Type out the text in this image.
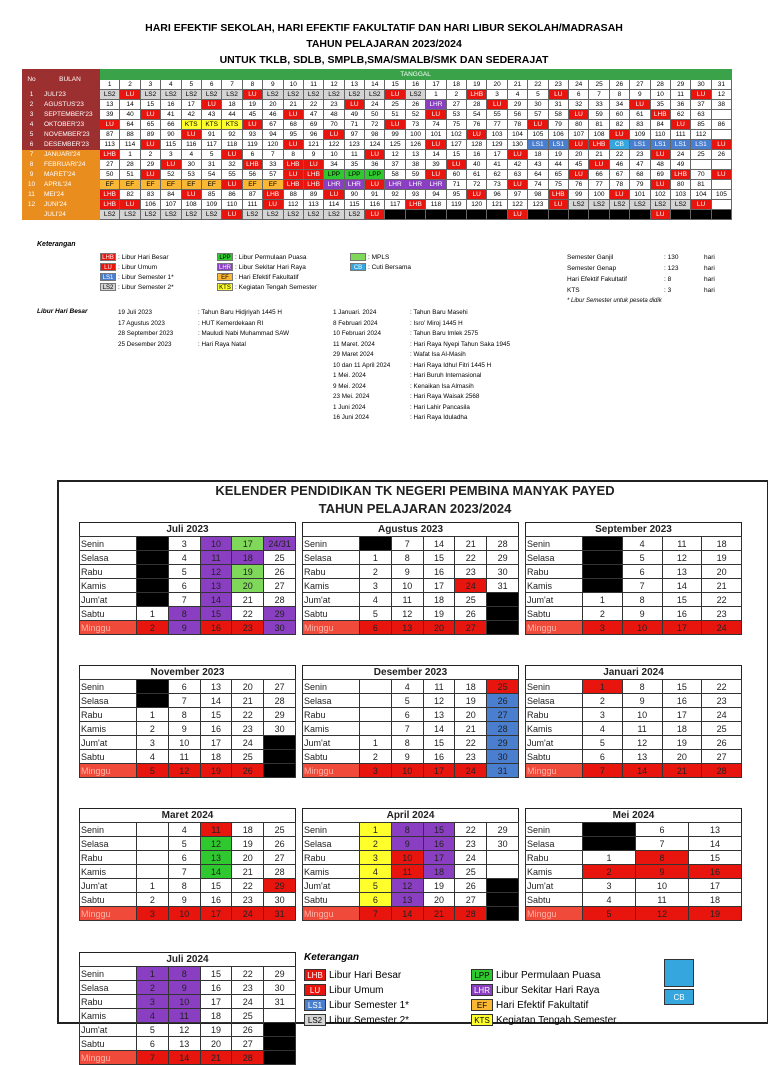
HARI EFEKTIF SEKOLAH, HARI EFEKTIF FAKULTATIF DAN HARI LIBUR SEKOLAH/MADRASAH
TAHUN PELAJARAN 2023/2024
UNTUK TKLB, SDLB, SMPLB,SMA/SMALB/SMK DAN SEDERAJAT
No	BULAN	TANGGAL																														
		1	2	3	4	5	6	7	8	9	10	11	12	13	14	15	16	17	18	19	20	21	22	23	24	25	26	27	28	29	30	31
1	JULI'23	LS2	LU	LS2	LS2	LS2	LS2	LS2	LU	LS2	LS2	LS2	LS2	LS2	LS2	LU	LS2	1	2	LHB	3	4	5	LU	6	7	8	9	10	11	LU	12
2	AGUSTUS'23	13	14	15	16	17	LU	18	19	20	21	22	23	LU	24	25	26	LHR	27	28	LU	29	30	31	32	33	34	LU	35	36	37	38
3	SEPTEMBER'23	39	40	LU	41	42	43	44	45	46	LU	47	48	49	50	51	52	LU	53	54	55	56	57	58	LU	59	60	61	LHB	62	63	
4	OKTOBER'23	LU	64	65	66	KTS	KTS	KTS	LU	67	68	69	70	71	72	LU	73	74	75	76	77	78	LU	79	80	81	82	83	84	LU	85	86
5	NOVEMBER'23	87	88	89	90	LU	91	92	93	94	95	96	LU	97	98	99	100	101	102	LU	103	104	105	106	107	108	LU	109	110	111	112	
6	DESEMBER'23	113	114	LU	115	116	117	118	119	120	LU	121	122	123	124	125	126	LU	127	128	129	130	LS1	LS1	LU	LHB	CB	LS1	LS1	LS1	LS1	LU
7	JANUARI'24	LHB	1	2	3	4	5	LU	6	7	8	9	10	11	LU	12	13	14	15	16	17	LU	18	19	20	21	22	23	LU	24	25	26
8	FEBRUARI'24	27	28	29	LU	30	31	32	LHB	33	LHB	LU	34	35	36	37	38	39	LU	40	41	42	43	44	45	LU	46	47	48	49		
9	MARET'24	50	51	LU	52	53	54	55	56	57	LU	LHB	LPP	LPP	LPP	58	59	LU	60	61	62	63	64	65	LU	66	67	68	69	LHB	70	LU
10	APRIL'24	EF	EF	EF	EF	EF	EF	LU	EF	EF	LHB	LHB	LHR	LHR	LU	LHR	LHR	LHR	71	72	73	LU	74	75	76	77	78	79	LU	80	81	
11	MEI'24	LHB	82	83	84	LU	85	86	87	LHB	88	89	LU	90	91	92	93	94	95	LU	96	97	98	LHB	99	100	LU	101	102	103	104	105
12	JUNI'24	LHB	LU	106	107	108	109	110	111	LU	112	113	114	115	116	117	LHB	118	119	120	121	122	123	LU	LS2	LS2	LS2	LS2	LS2	LS2	LU	
	JULI'24	LS2	LS2	LS2	LS2	LS2	LS2	LU	LS2	LS2	LS2	LS2	LS2	LS2	LU							LU							LU			
Keterangan
LHB : Libur Hari Besar
LU : Libur Umum
LS1 : Libur Semester 1*
LS2 : Libur Semester 2*
LPP : Libur Permulaan Puasa
LHR : Libur Sekitar Hari Raya
EF : Hari Efektif Fakultatif
KTS : Kegiatan Tengah Semester
: MPLS
CB : Cuti Bersama
Semester Ganjil	: 130	hari
Semester Genap	: 123	hari
Hari Efektif Fakultatif	: 8	hari
KTS	: 3	hari
* Libur Semester untuk peseta didik
Libur Hari Besar	19 Juli 2023	: Tahun Baru Hidjriyah 1445 H
17 Agustus 2023	: HUT Kemerdekaan RI
28 September 2023	: Mauludi Nabi Muhammad SAW
25 Desember 2023	: Hari Raya Natal
1 Januari. 2024	: Tahun Baru Masehi
8 Februari 2024	: Isro' Miroj 1445 H
10 Februari 2024	: Tahun Baru Imlek 2575
11 Maret. 2024	: Hari Raya Nyepi Tahun Saka 1945
29 Maret 2024	: Wafat Isa Al-Masih
10 dan 11 April 2024	: Hari Raya Idhul Fitri 1445 H
1 Mei. 2024	: Hari Buruh Internasional
9 Mei. 2024	: Kenaikan Isa Almasih
23 Mei. 2024	: Hari Raya Waisak 2568
1 Juni 2024	: Hari Lahir Pancasila
16 Juni 2024	: Hari Raya Iduladha
KELENDER PENDIDIKAN TK NEGERI PEMBINA MANYAK PAYED
TAHUN PELAJARAN 2023/2024
Juli 2023
Senin		3	10	17	24/31
Selasa		4	11	18	25
Rabu		5	12	19	26
Kamis		6	13	20	27
Jum'at		7	14	21	28
Sabtu	1	8	15	22	29
Minggu	2	9	16	23	30
Agustus 2023
Senin		7	14	21	28
Selasa	1	8	15	22	29
Rabu	2	9	16	23	30
Kamis	3	10	17	24	31
Jum'at	4	11	18	25	
Sabtu	5	12	19	26	
Minggu	6	13	20	27	
September 2023
Senin		4	11	18
Selasa		5	12	19
Rabu		6	13	20
Kamis		7	14	21
Jum'at	1	8	15	22
Sabtu	2	9	16	23
Minggu	3	10	17	24
November 2023
Senin		6	13	20	27
Selasa		7	14	21	28
Rabu	1	8	15	22	29
Kamis	2	9	16	23	30
Jum'at	3	10	17	24	
Sabtu	4	11	18	25	
Minggu	5	12	19	26	
Desember 2023
Senin		4	11	18	25
Selasa		5	12	19	26
Rabu		6	13	20	27
Kamis		7	14	21	28
Jum'at	1	8	15	22	29
Sabtu	2	9	16	23	30
Minggu	3	10	17	24	31
Januari 2024
Senin	1	8	15	22
Selasa	2	9	16	23
Rabu	3	10	17	24
Kamis	4	11	18	25
Jum'at	5	12	19	26
Sabtu	6	13	20	27
Minggu	7	14	21	28
Maret 2024
Senin		4	11	18	25
Selasa		5	12	19	26
Rabu		6	13	20	27
Kamis		7	14	21	28
Jum'at	1	8	15	22	29
Sabtu	2	9	16	23	30
Minggu	3	10	17	24	31
April 2024
Senin	1	8	15	22	29
Selasa	2	9	16	23	30
Rabu	3	10	17	24	
Kamis	4	11	18	25	
Jum'at	5	12	19	26	
Sabtu	6	13	20	27	
Minggu	7	14	21	28	
Mei 2024
Senin		6	13
Selasa		7	14
Rabu	1	8	15
Kamis	2	9	16
Jum'at	3	10	17
Sabtu	4	11	18
Minggu	5	12	19
Juli 2024
Senin	1	8	15	22	29
Selasa	2	9	16	23	30
Rabu	3	10	17	24	31
Kamis	4	11	18	25	
Jum'at	5	12	19	26	
Sabtu	6	13	20	27	
Minggu	7	14	21	28	
Keterangan
LHB Libur Hari Besar
LU Libur Umum
LS1 Libur Semester 1*
LS2 Libur Semester 2*
LPP Libur Permulaan Puasa
LHR Libur Sekitar Hari Raya
EF Hari Efektif Fakultatif
KTS Kegiatan Tengah Semester
CB
